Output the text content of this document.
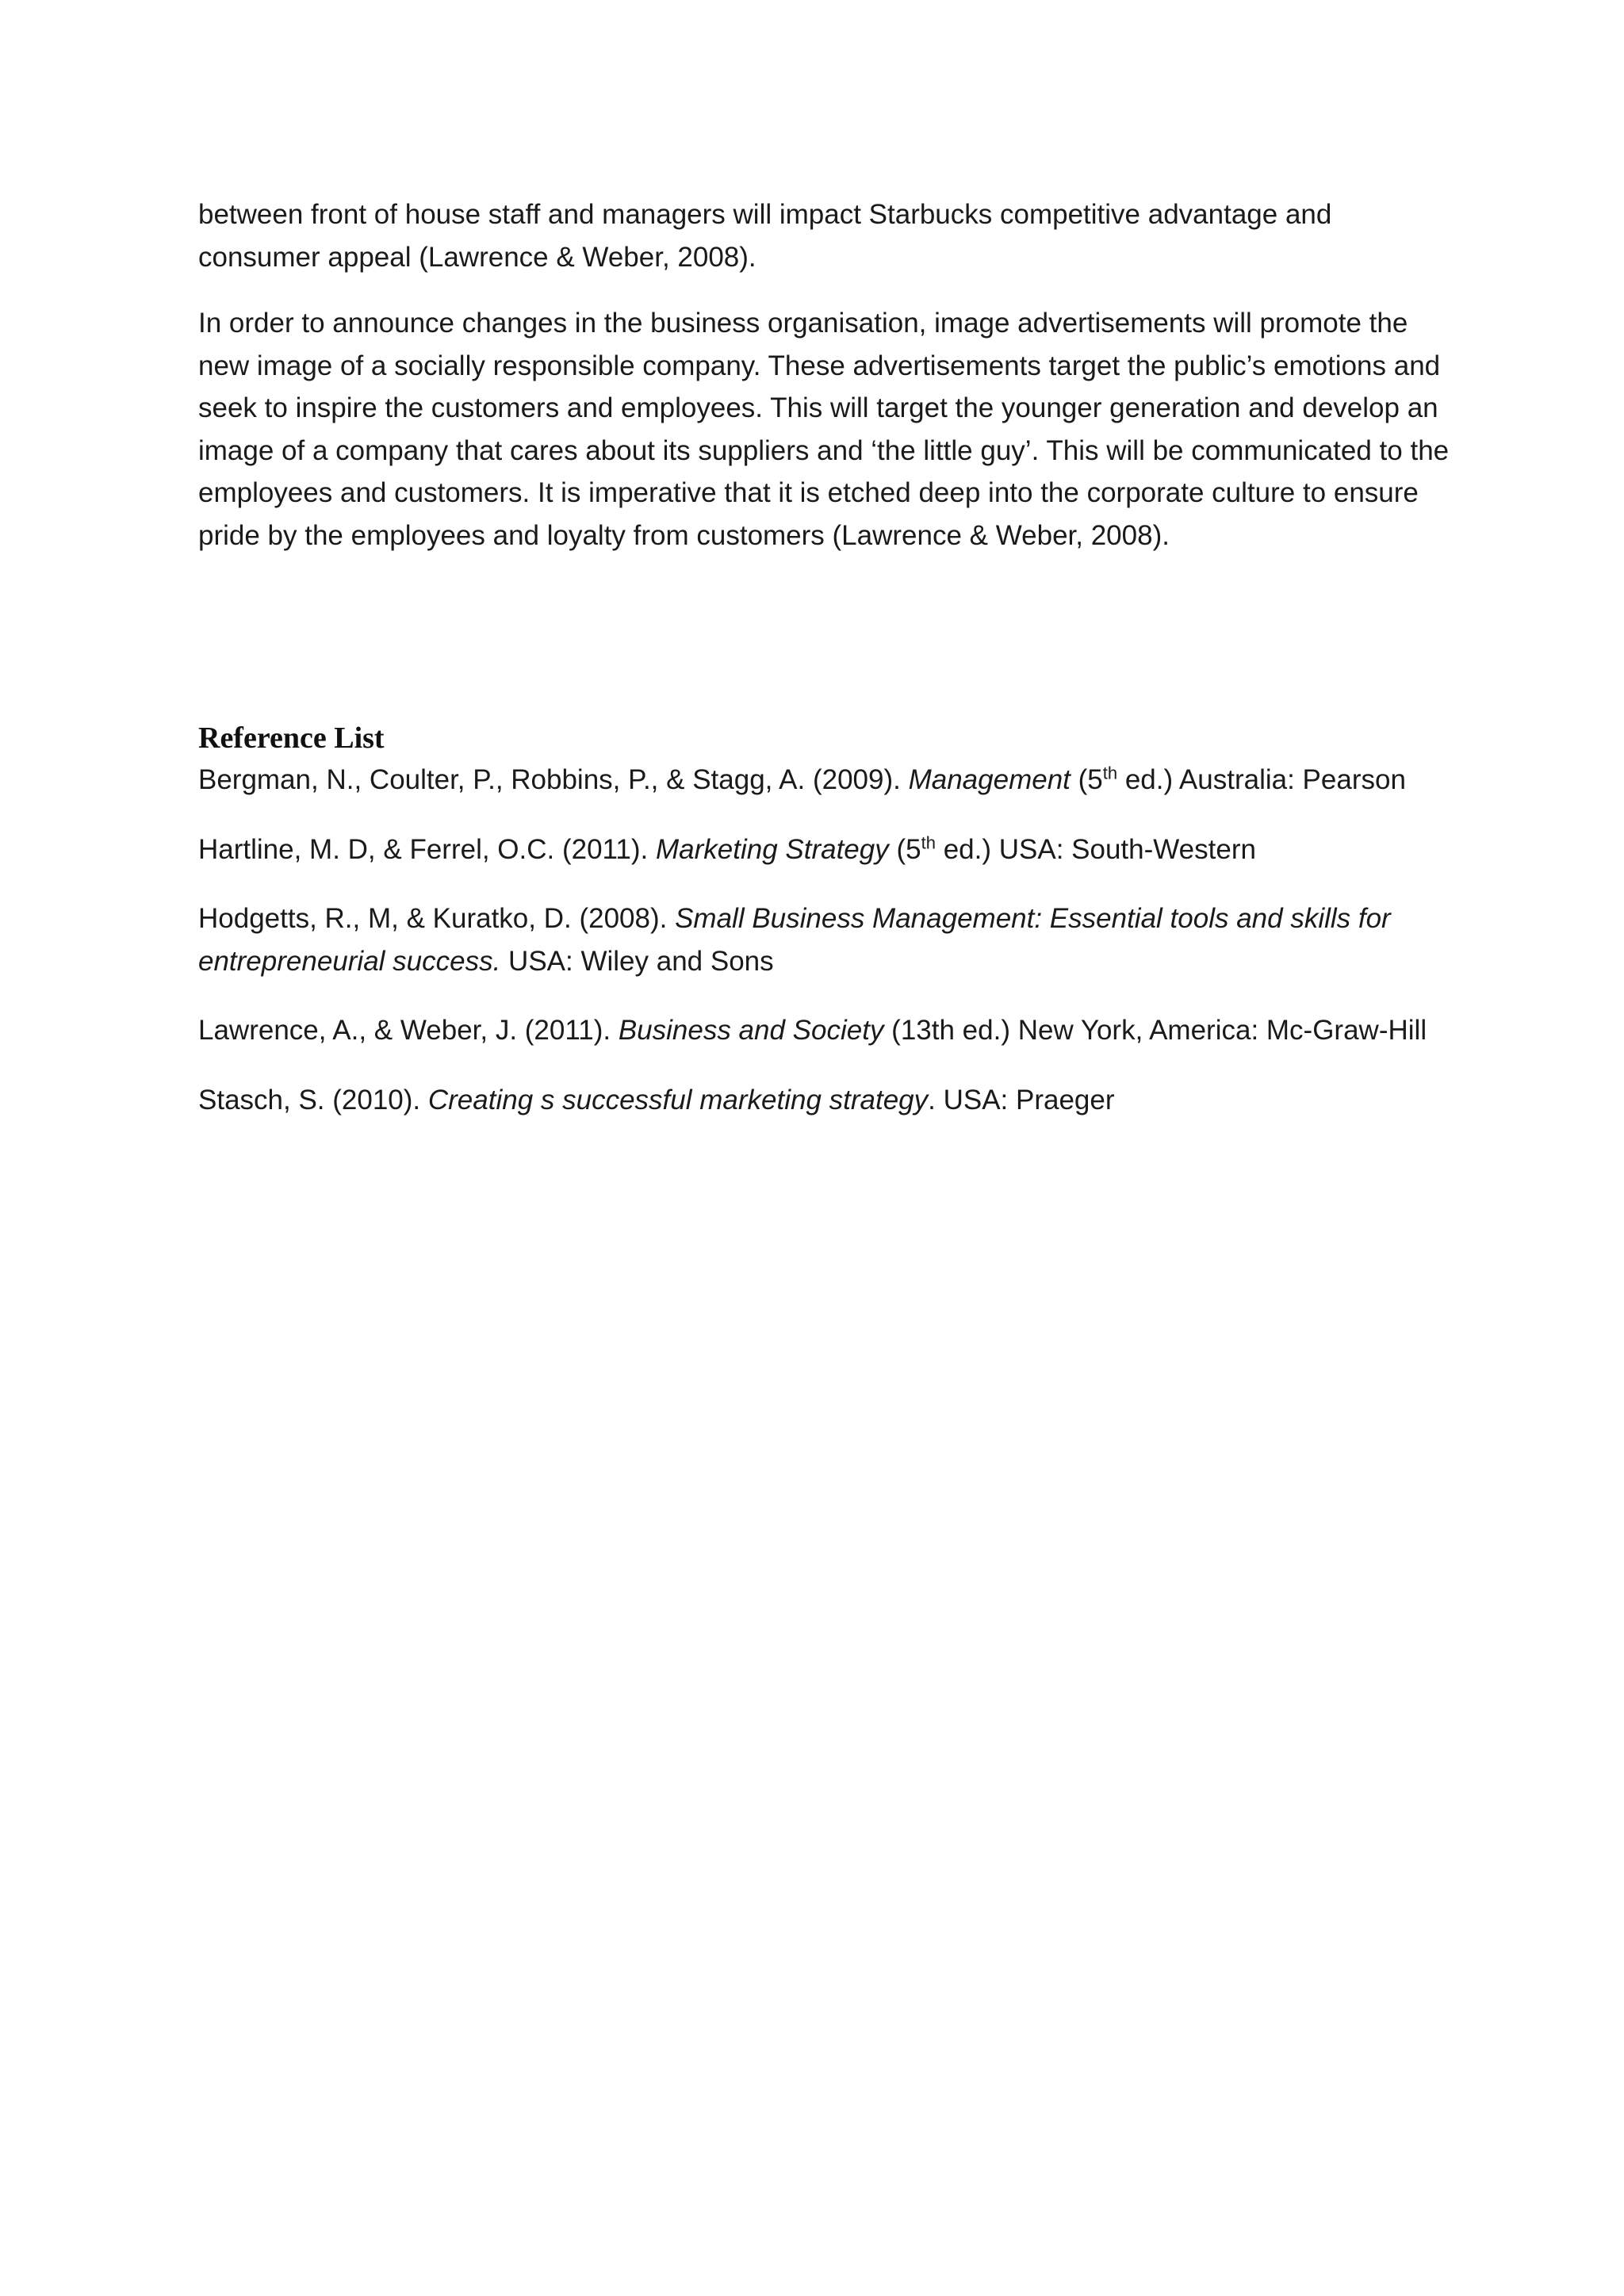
between front of house staff and managers will impact Starbucks competitive advantage and consumer appeal (Lawrence & Weber, 2008).

In order to announce changes in the business organisation, image advertisements will promote the new image of a socially responsible company. These advertisements target the public’s emotions and seek to inspire the customers and employees. This will target the younger generation and develop an image of a company that cares about its suppliers and ‘the little guy’. This will be communicated to the employees and customers. It is imperative that it is etched deep into the corporate culture to ensure pride by the employees and loyalty from customers (Lawrence & Weber, 2008).

Reference List

Bergman, N., Coulter, P., Robbins, P., & Stagg, A. (2009). Management (5th ed.) Australia: Pearson

Hartline, M. D, & Ferrel, O.C. (2011). Marketing Strategy (5th ed.) USA: South-Western

Hodgetts, R., M, & Kuratko, D. (2008). Small Business Management: Essential tools and skills for entrepreneurial success. USA: Wiley and Sons

Lawrence, A., & Weber, J. (2011). Business and Society (13th ed.) New York, America: Mc-Graw-Hill

Stasch, S. (2010). Creating s successful marketing strategy. USA: Praeger
